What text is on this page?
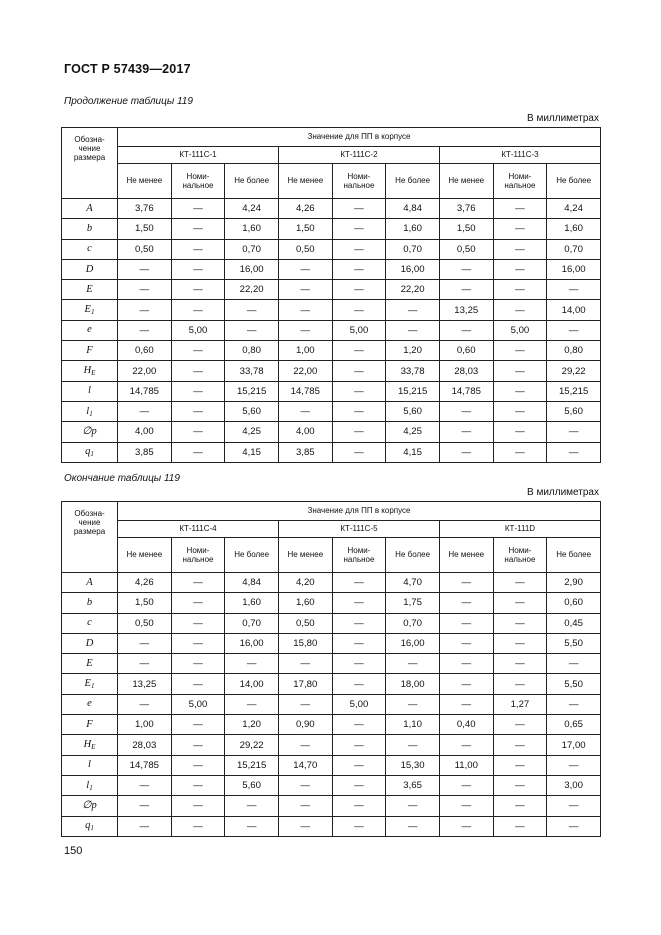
ГОСТ Р 57439—2017
Продолжение таблицы 119
В миллиметрах
Обозна-чение размера	Значение для ПП в корпусе								
	КТ-111С-1			КТ-111С-2			КТ-111С-3		
	Не менее	Номи-нальное	Не более	Не менее	Номи-нальное	Не более	Не менее	Номи-нальное	Не более
A	3,76	—	4,24	4,26	—	4,84	3,76	—	4,24
b	1,50	—	1,60	1,50	—	1,60	1,50	—	1,60
c	0,50	—	0,70	0,50	—	0,70	0,50	—	0,70
D	—	—	16,00	—	—	16,00	—	—	16,00
E	—	—	22,20	—	—	22,20	—	—	—
$E_1$	—	—	—	—	—	—	13,25	—	14,00
e	—	5,00	—	—	5,00	—	—	5,00	—
F	0,60	—	0,80	1,00	—	1,20	0,60	—	0,80
$H_E$	22,00	—	33,78	22,00	—	33,78	28,03	—	29,22
l	14,785	—	15,215	14,785	—	15,215	14,785	—	15,215
$l_1$	—	—	5,60	—	—	5,60	—	—	5,60
∅p	4,00	—	4,25	4,00	—	4,25	—	—	—
$q_1$	3,85	—	4,15	3,85	—	4,15	—	—	—
Окончание таблицы 119
В миллиметрах
Обозна-чение размера	Значение для ПП в корпусе								
	КТ-111С-4			КТ-111С-5			КТ-111D		
	Не менее	Номи-нальное	Не более	Не менее	Номи-нальное	Не более	Не менее	Номи-нальное	Не более
A	4,26	—	4,84	4,20	—	4,70	—	—	2,90
b	1,50	—	1,60	1,60	—	1,75	—	—	0,60
c	0,50	—	0,70	0,50	—	0,70	—	—	0,45
D	—	—	16,00	15,80	—	16,00	—	—	5,50
E	—	—	—	—	—	—	—	—	—
$E_1$	13,25	—	14,00	17,80	—	18,00	—	—	5,50
e	—	5,00	—	—	5,00	—	—	1,27	—
F	1,00	—	1,20	0,90	—	1,10	0,40	—	0,65
$H_E$	28,03	—	29,22	—	—	—	—	—	17,00
l	14,785	—	15,215	14,70	—	15,30	11,00	—	—
$l_1$	—	—	5,60	—	—	3,65	—	—	3,00
∅p	—	—	—	—	—	—	—	—	—
$q_1$	—	—	—	—	—	—	—	—	—
150
